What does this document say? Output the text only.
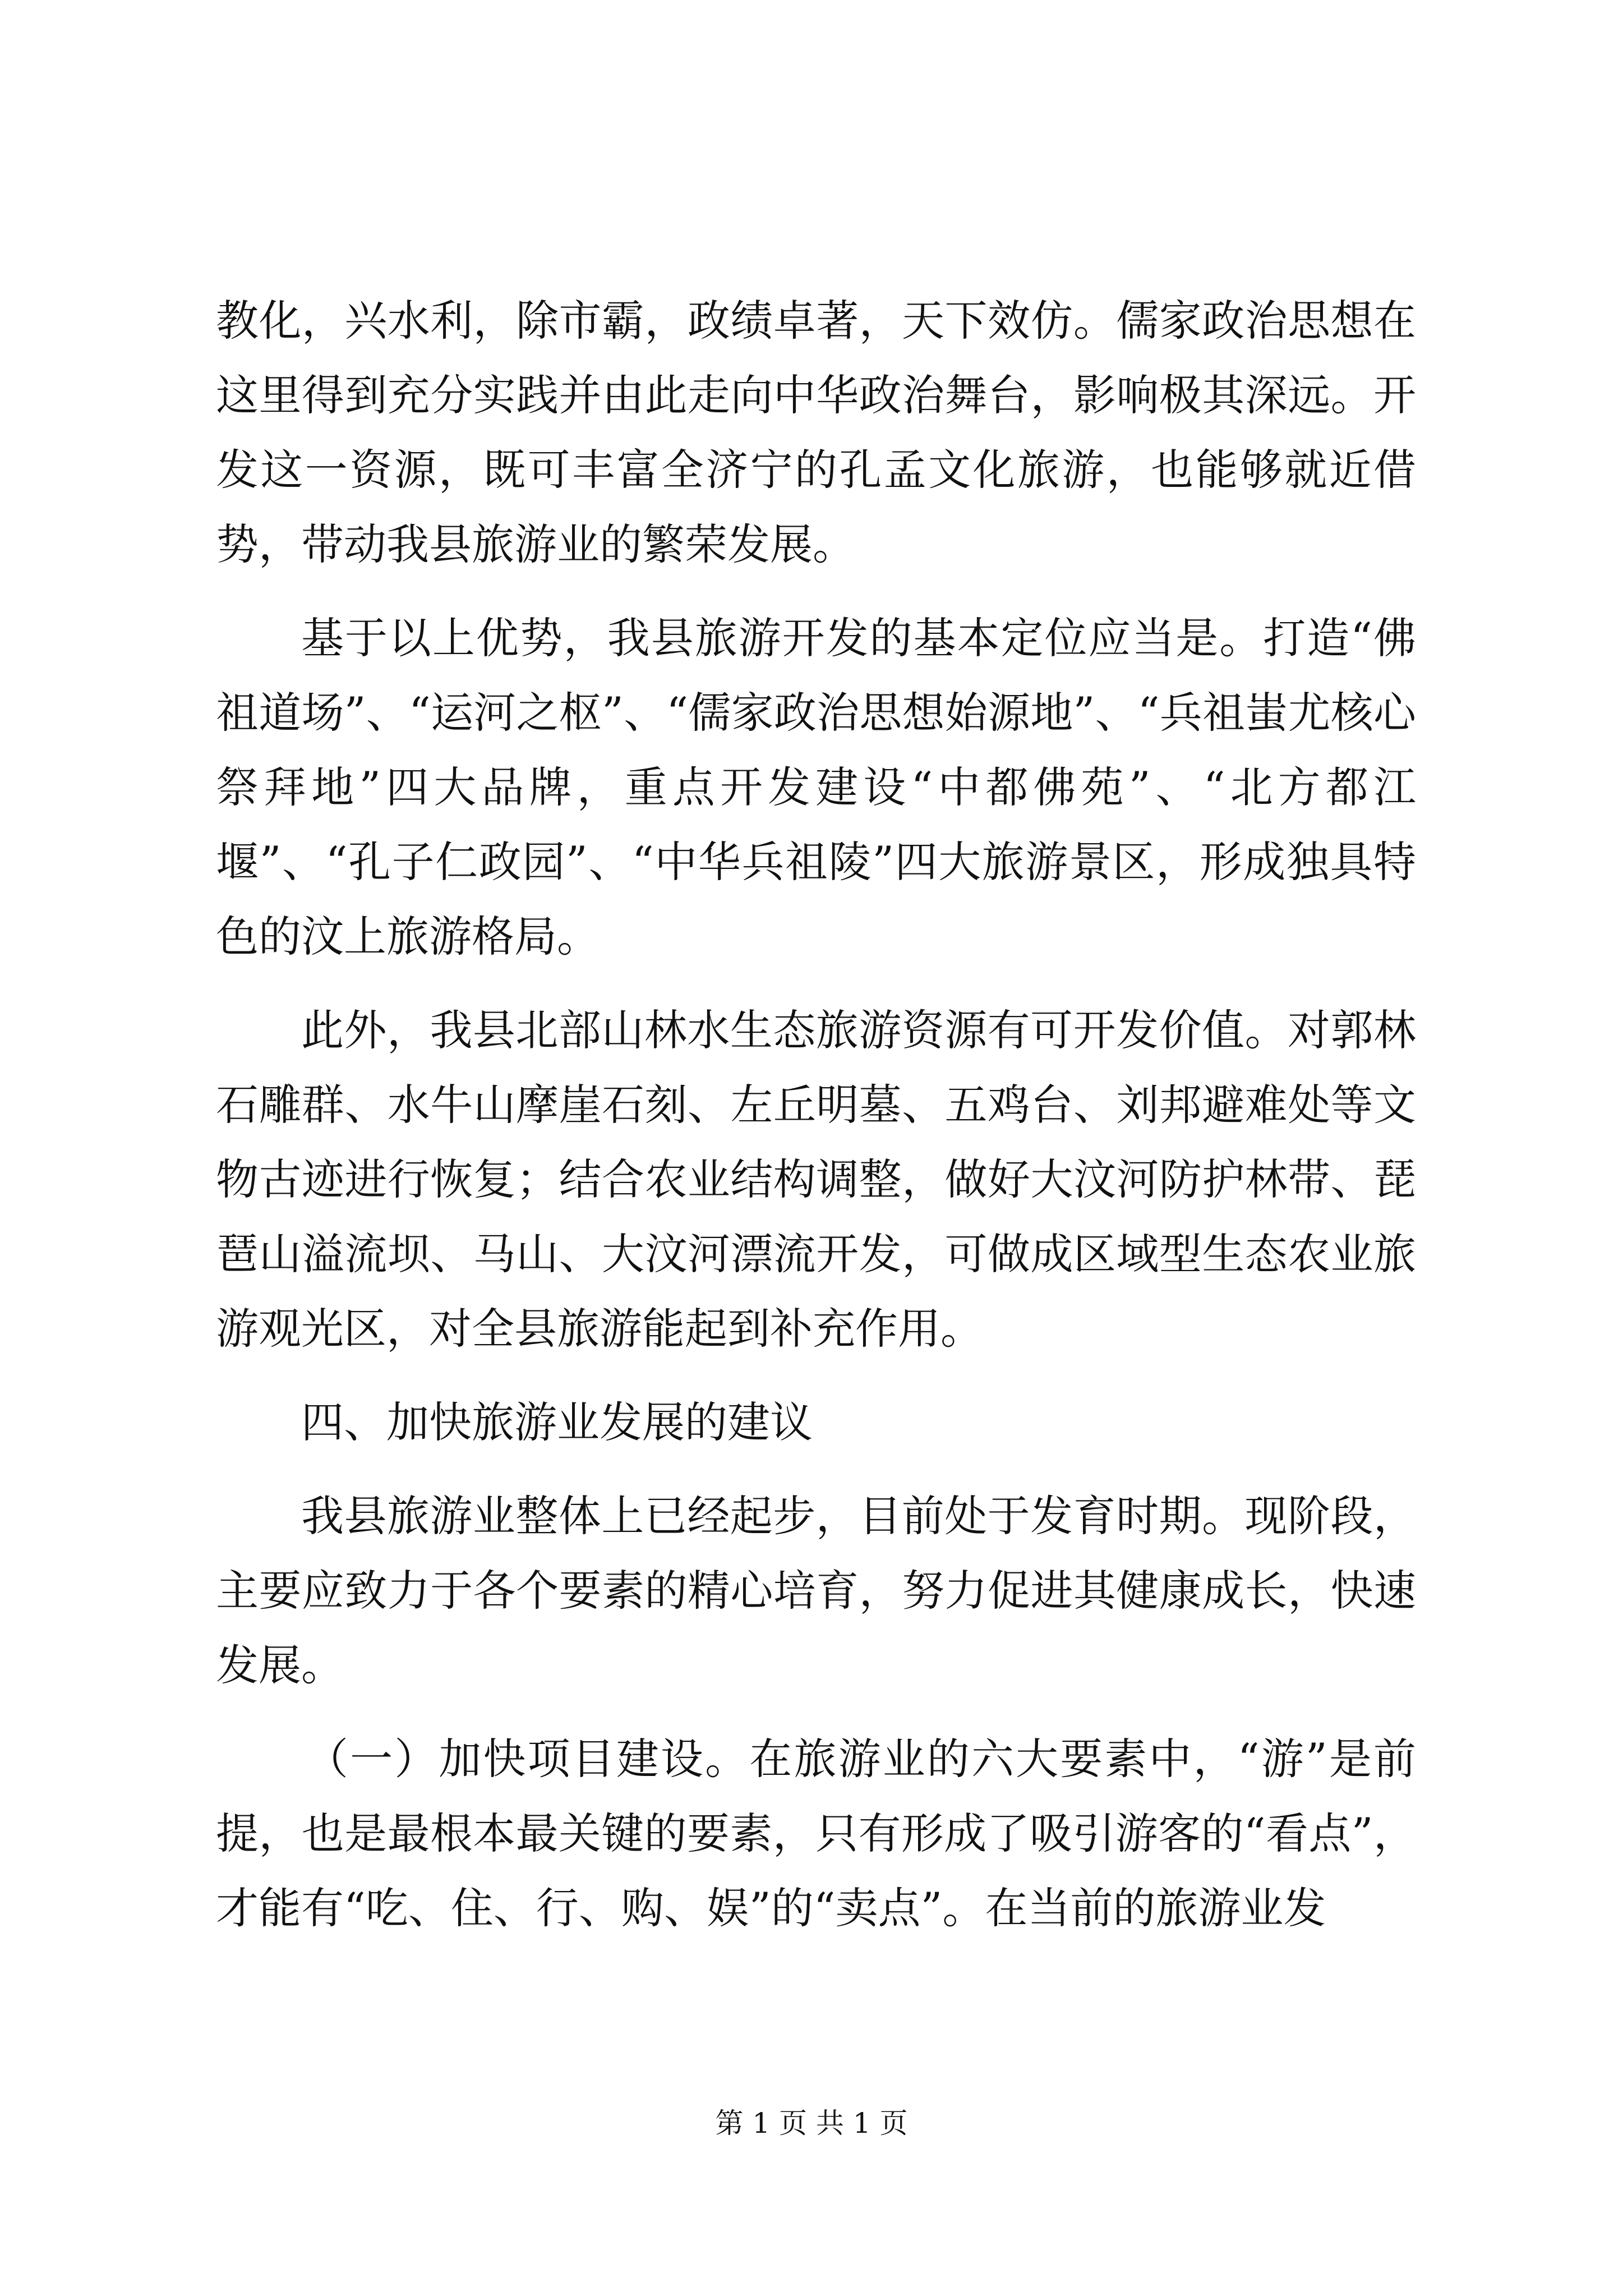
教化，兴水利，除市霸，政绩卓著，天下效仿。儒家政治思想在这里得到充分实践并由此走向中华政治舞台，影响极其深远。开发这一资源，既可丰富全济宁的孔孟文化旅游，也能够就近借势，带动我县旅游业的繁荣发展。

基于以上优势，我县旅游开发的基本定位应当是。打造“佛祖道场”、“运河之枢”、“儒家政治思想始源地”、“兵祖蚩尤核心祭拜地”四大品牌，重点开发建设“中都佛苑”、“北方都江堰”、“孔子仁政园”、“中华兵祖陵”四大旅游景区，形成独具特色的汶上旅游格局。

此外，我县北部山林水生态旅游资源有可开发价值。对郭林石雕群、水牛山摩崖石刻、左丘明墓、五鸡台、刘邦避难处等文物古迹进行恢复；结合农业结构调整，做好大汶河防护林带、琵琶山溢流坝、马山、大汶河漂流开发，可做成区域型生态农业旅游观光区，对全县旅游能起到补充作用。

四、加快旅游业发展的建议

我县旅游业整体上已经起步，目前处于发育时期。现阶段，主要应致力于各个要素的精心培育，努力促进其健康成长，快速发展。

（一）加快项目建设。在旅游业的六大要素中，“游”是前提，也是最根本最关键的要素，只有形成了吸引游客的“看点”，才能有“吃、住、行、购、娱”的“卖点”。在当前的旅游业发

第 1 页 共 1 页
